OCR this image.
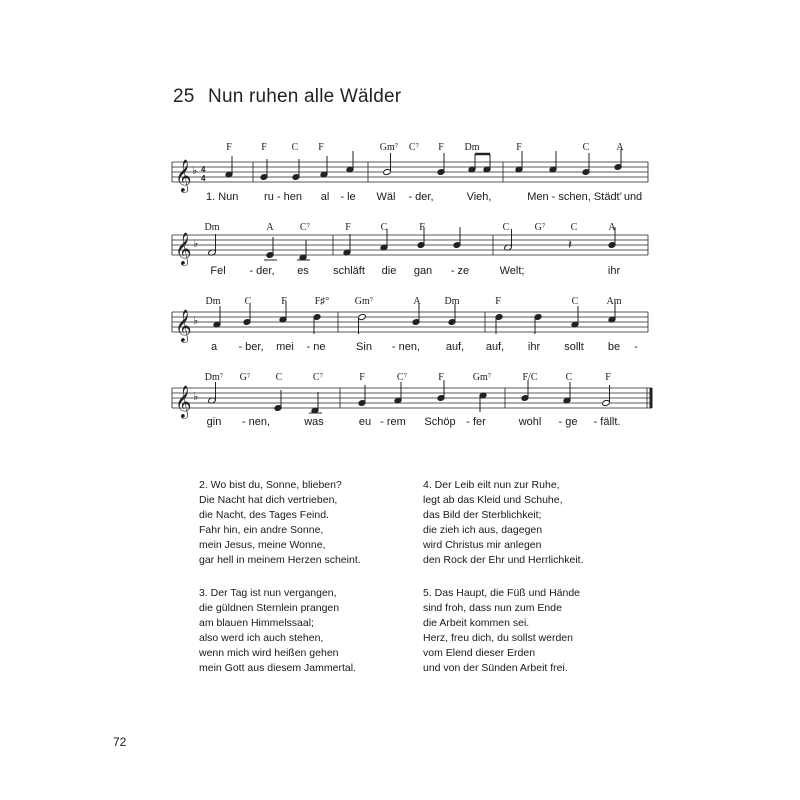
25 Nun ruhen alle Wälder
𝄞 ♭ 4
4
F	F C F	Gm⁷ C⁷ F Dm	F	C	A
1. Nun ru - hen al - le Wäl - der,	Vieh,	Men - schen, Städt’ und
𝄞 ♭	𝄽
Dm	A	C⁷	F	C	F	C	G⁷	C	A
Fel - der, es schläft die gan - ze	Welt;	ihr
𝄞 ♭
Dm C	F	F♯°	Gm⁷	A Dm	F	C	Am
a - ber, mei - ne	Sin - nen, auf, auf, ihr sollt be -
𝄞 ♭
Dm⁷ G⁷	C	C⁷	F	C⁷	F	Gm⁷	F/C	C	F
gin - nen,	was	eu - rem Schöp - fer	wohl - ge - fällt.
2. Wo bist du, Sonne, blieben?
Die Nacht hat dich vertrieben,
die Nacht, des Tages Feind.
Fahr hin, ein andre Sonne,
mein Jesus, meine Wonne,
gar hell in meinem Herzen scheint.
4. Der Leib eilt nun zur Ruhe,
legt ab das Kleid und Schuhe,
das Bild der Sterblichkeit;
die zieh ich aus, dagegen
wird Christus mir anlegen
den Rock der Ehr und Herrlichkeit.
3. Der Tag ist nun vergangen,
die güldnen Sternlein prangen
am blauen Himmelssaal;
also werd ich auch stehen,
wenn mich wird heißen gehen
mein Gott aus diesem Jammertal.
5. Das Haupt, die Füß und Hände
sind froh, dass nun zum Ende
die Arbeit kommen sei.
Herz, freu dich, du sollst werden
vom Elend dieser Erden
und von der Sünden Arbeit frei.
72
